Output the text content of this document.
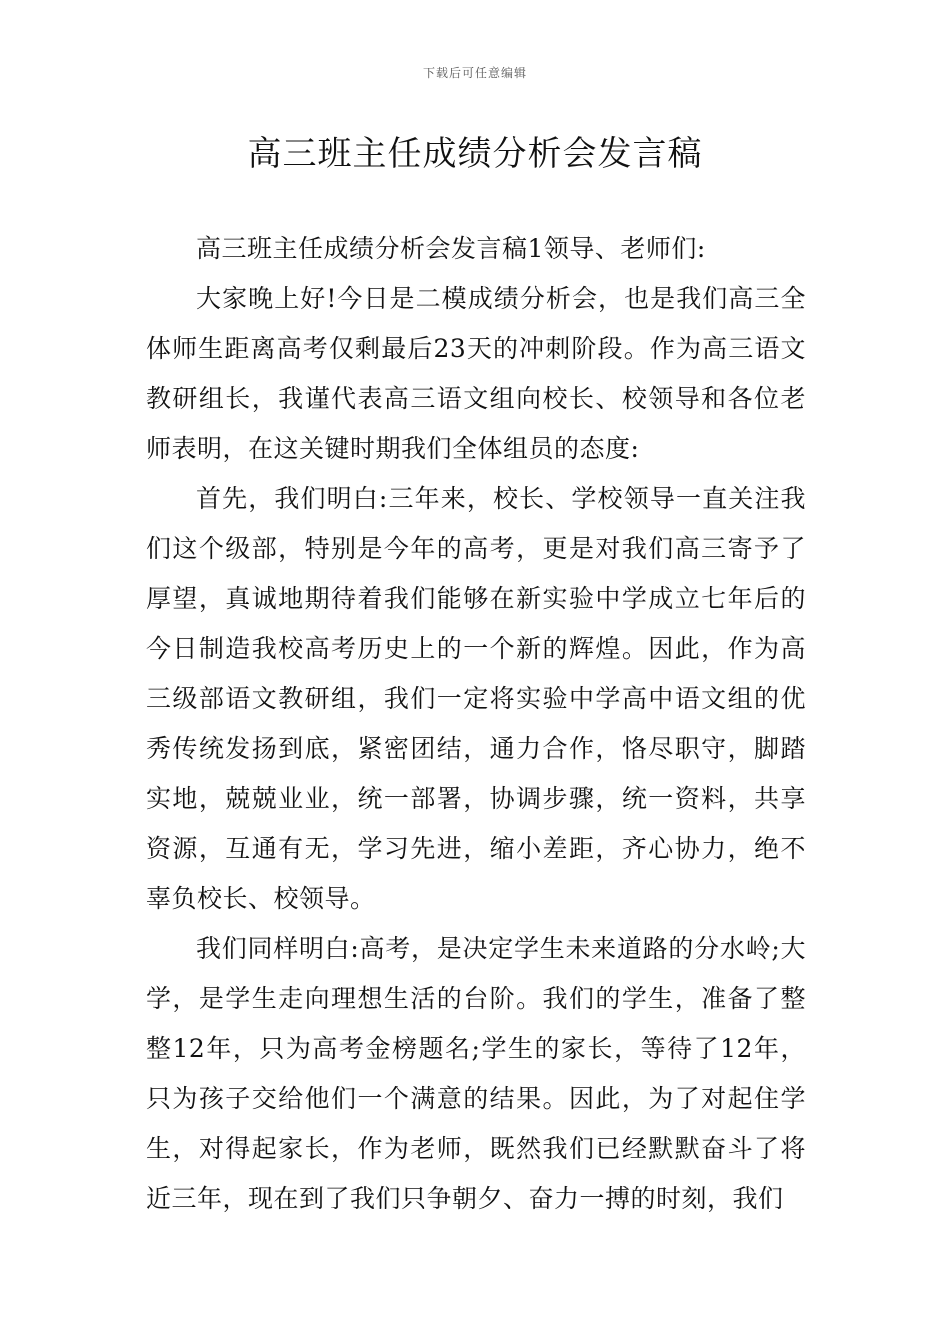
下载后可任意编辑
高三班主任成绩分析会发言稿

高三班主任成绩分析会发言稿1领导、老师们:

大家晚上好!今日是二模成绩分析会，也是我们高三全体师生距离高考仅剩最后23天的冲刺阶段。作为高三语文教研组长，我谨代表高三语文组向校长、校领导和各位老师表明，在这关键时期我们全体组员的态度:

首先，我们明白:三年来，校长、学校领导一直关注我们这个级部，特别是今年的高考，更是对我们高三寄予了厚望，真诚地期待着我们能够在新实验中学成立七年后的今日制造我校高考历史上的一个新的辉煌。因此，作为高三级部语文教研组，我们一定将实验中学高中语文组的优秀传统发扬到底，紧密团结，通力合作，恪尽职守，脚踏实地，兢兢业业，统一部署，协调步骤，统一资料，共享资源，互通有无，学习先进，缩小差距，齐心协力，绝不辜负校长、校领导。

我们同样明白:高考，是决定学生未来道路的分水岭;大学，是学生走向理想生活的台阶。我们的学生，准备了整整12年，只为高考金榜题名;学生的家长，等待了12年，只为孩子交给他们一个满意的结果。因此，为了对起住学生，对得起家长，作为老师，既然我们已经默默奋斗了将近三年，现在到了我们只争朝夕、奋力一搏的时刻，我们
